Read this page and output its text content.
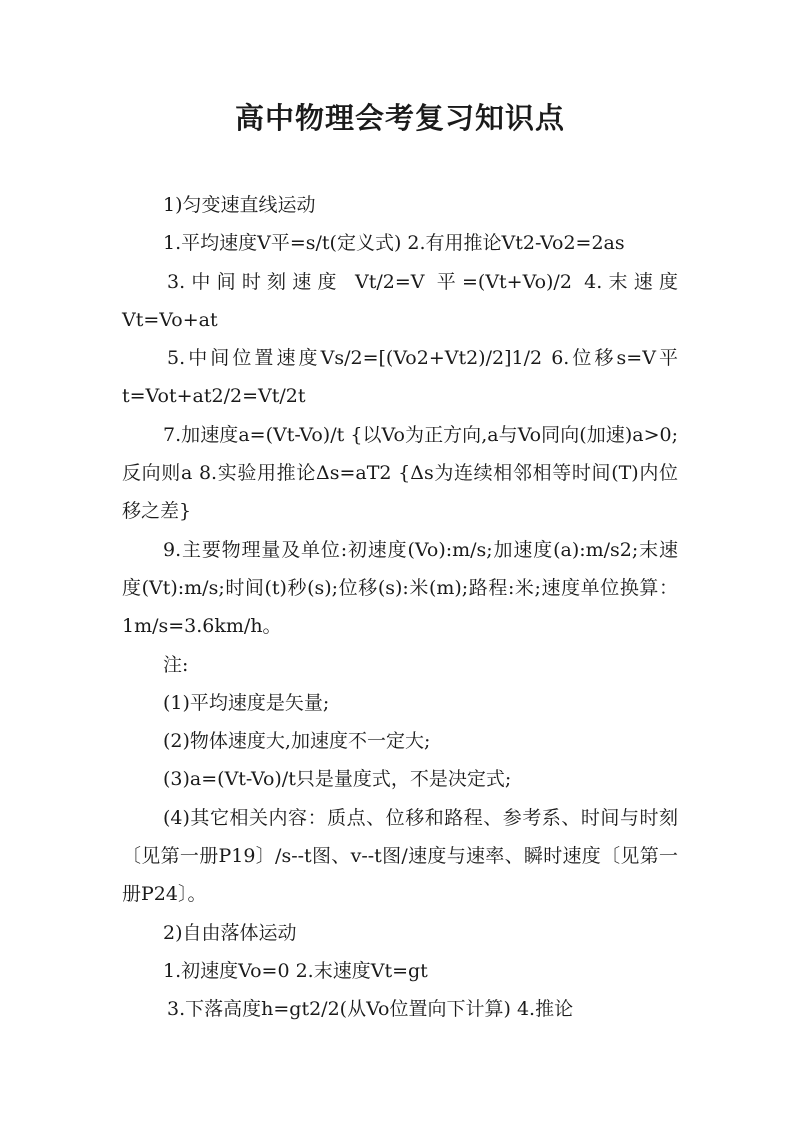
高中物理会考复习知识点

1)匀变速直线运动

1.平均速度V平=s/t(定义式) 2.有用推论Vt2-Vo2=2as

3.中间时刻速度 Vt/2=V 平=(Vt+Vo)/2 4.末速度Vt=Vo+at

5.中间位置速度Vs/2=[(Vo2+Vt2)/2]1/2 6.位移s=V平t=Vot+at2/2=Vt/2t

7.加速度a=(Vt-Vo)/t {以Vo为正方向,a与Vo同向(加速)a>0;反向则a 8.实验用推论Δs=aT2 {Δs为连续相邻相等时间(T)内位移之差}

9.主要物理量及单位:初速度(Vo):m/s;加速度(a):m/s2;末速度(Vt):m/s;时间(t)秒(s);位移(s):米(m);路程:米;速度单位换算：1m/s=3.6km/h。

注:

(1)平均速度是矢量;

(2)物体速度大,加速度不一定大;

(3)a=(Vt-Vo)/t只是量度式，不是决定式;

(4)其它相关内容：质点、位移和路程、参考系、时间与时刻〔见第一册P19〕/s--t图、v--t图/速度与速率、瞬时速度〔见第一册P24〕。

2)自由落体运动

1.初速度Vo=0 2.末速度Vt=gt

3.下落高度h=gt2/2(从Vo位置向下计算) 4.推论
